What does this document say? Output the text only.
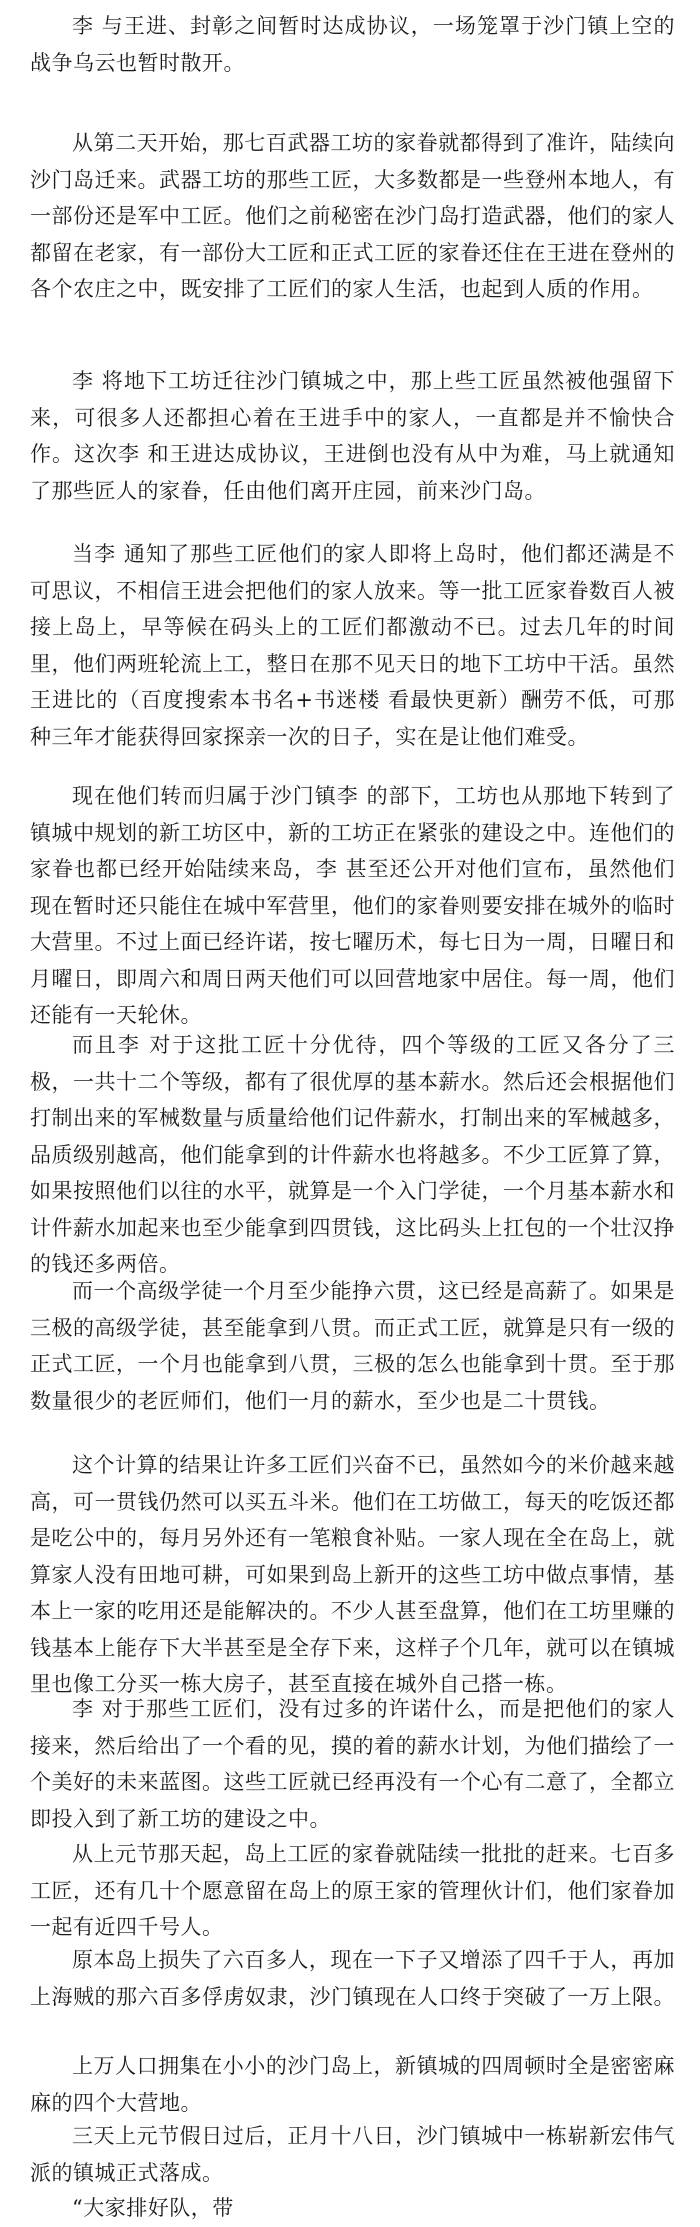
李 与王进、封彰之间暂时达成协议，一场笼罩于沙门镇上空的战争乌云也暂时散开。

从第二天开始，那七百武器工坊的家眷就都得到了准许，陆续向沙门岛迁来。武器工坊的那些工匠，大多数都是一些登州本地人，有一部份还是军中工匠。他们之前秘密在沙门岛打造武器，他们的家人都留在老家，有一部份大工匠和正式工匠的家眷还住在王进在登州的各个农庄之中，既安排了工匠们的家人生活，也起到人质的作用。

李 将地下工坊迁往沙门镇城之中，那上些工匠虽然被他强留下来，可很多人还都担心着在王进手中的家人，一直都是并不愉快合作。这次李 和王进达成协议，王进倒也没有从中为难，马上就通知了那些匠人的家眷，任由他们离开庄园，前来沙门岛。

当李 通知了那些工匠他们的家人即将上岛时，他们都还满是不可思议，不相信王进会把他们的家人放来。等一批工匠家眷数百人被接上岛上，早等候在码头上的工匠们都激动不已。过去几年的时间里，他们两班轮流上工，整日在那不见天日的地下工坊中干活。虽然王进比的（百度搜索本书名+书迷楼 看最快更新）酬劳不低，可那种三年才能获得回家探亲一次的日子，实在是让他们难受。

现在他们转而归属于沙门镇李 的部下，工坊也从那地下转到了镇城中规划的新工坊区中，新的工坊正在紧张的建设之中。连他们的家眷也都已经开始陆续来岛，李 甚至还公开对他们宣布，虽然他们现在暂时还只能住在城中军营里，他们的家眷则要安排在城外的临时大营里。不过上面已经许诺，按七曜历术，每七日为一周，日曜日和月曜日，即周六和周日两天他们可以回营地家中居住。每一周，他们还能有一天轮休。

而且李 对于这批工匠十分优待，四个等级的工匠又各分了三极，一共十二个等级，都有了很优厚的基本薪水。然后还会根据他们打制出来的军械数量与质量给他们记件薪水，打制出来的军械越多，品质级别越高，他们能拿到的计件薪水也将越多。不少工匠算了算，如果按照他们以往的水平，就算是一个入门学徒，一个月基本薪水和计件薪水加起来也至少能拿到四贯钱，这比码头上扛包的一个壮汉挣的钱还多两倍。

而一个高级学徒一个月至少能挣六贯，这已经是高薪了。如果是三极的高级学徒，甚至能拿到八贯。而正式工匠，就算是只有一级的正式工匠，一个月也能拿到八贯，三极的怎么也能拿到十贯。至于那数量很少的老匠师们，他们一月的薪水，至少也是二十贯钱。

这个计算的结果让许多工匠们兴奋不已，虽然如今的米价越来越高，可一贯钱仍然可以买五斗米。他们在工坊做工，每天的吃饭还都是吃公中的，每月另外还有一笔粮食补贴。一家人现在全在岛上，就算家人没有田地可耕，可如果到岛上新开的这些工坊中做点事情，基本上一家的吃用还是能解决的。不少人甚至盘算，他们在工坊里赚的钱基本上能存下大半甚至是全存下来，这样子个几年，就可以在镇城里也像工分买一栋大房子，甚至直接在城外自己搭一栋。

李 对于那些工匠们，没有过多的许诺什么，而是把他们的家人接来，然后给出了一个看的见，摸的着的薪水计划，为他们描绘了一个美好的未来蓝图。这些工匠就已经再没有一个心有二意了，全都立即投入到了新工坊的建设之中。

从上元节那天起，岛上工匠的家眷就陆续一批批的赶来。七百多工匠，还有几十个愿意留在岛上的原王家的管理伙计们，他们家眷加一起有近四千号人。

原本岛上损失了六百多人，现在一下子又增添了四千于人，再加上海贼的那六百多俘虏奴隶，沙门镇现在人口终于突破了一万上限。

上万人口拥集在小小的沙门岛上，新镇城的四周顿时全是密密麻麻的四个大营地。

三天上元节假日过后，正月十八日，沙门镇城中一栋崭新宏伟气派的镇城正式落成。

“大家排好队，带
